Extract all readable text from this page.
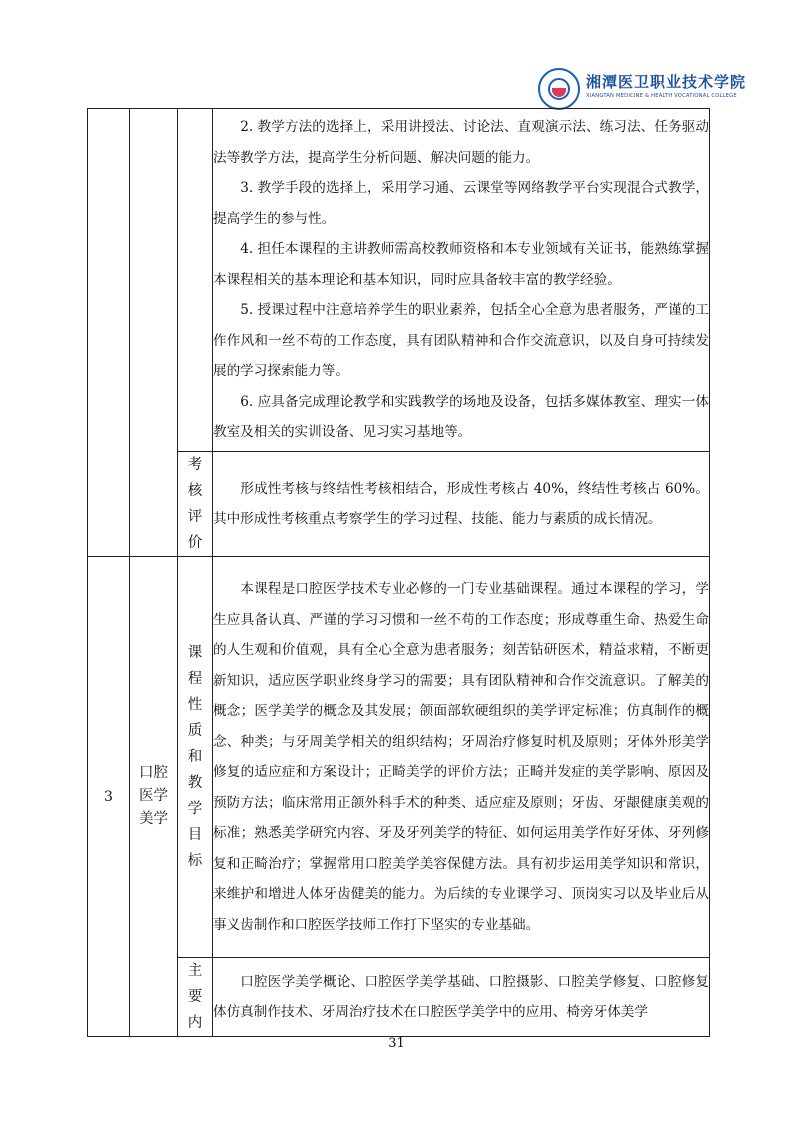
湘潭医卫职业技术学院
XIANGTAN MEDICINE & HEALTH VOCATIONAL COLLEGE

			2. 教学方法的选择上，采用讲授法、讨论法、直观演示法、练习法、任务驱动法等教学方法，提高学生分析问题、解决问题的能力。

3. 教学手段的选择上，采用学习通、云课堂等网络教学平台实现混合式教学，提高学生的参与性。

4. 担任本课程的主讲教师需高校教师资格和本专业领域有关证书，能熟练掌握本课程相关的基本理论和基本知识，同时应具备较丰富的教学经验。

5. 授课过程中注意培养学生的职业素养，包括全心全意为患者服务，严谨的工作作风和一丝不苟的工作态度，具有团队精神和合作交流意识，以及自身可持续发展的学习探索能力等。

6. 应具备完成理论教学和实践教学的场地及设备，包括多媒体教室、理实一体教室及相关的实训设备、见习实习基地等。

		考核评价	形成性考核与终结性考核相结合，形成性考核占 40%，终结性考核占 60%。其中形成性考核重点考察学生的学习过程、技能、能力与素质的成长情况。

3	口腔医学美学	课程性质和教学目标	本课程是口腔医学技术专业必修的一门专业基础课程。通过本课程的学习，学生应具备认真、严谨的学习习惯和一丝不苟的工作态度；形成尊重生命、热爱生命的人生观和价值观，具有全心全意为患者服务；刻苦钻研医术，精益求精，不断更新知识，适应医学职业终身学习的需要；具有团队精神和合作交流意识。了解美的概念；医学美学的概念及其发展；颌面部软硬组织的美学评定标准；仿真制作的概念、种类；与牙周美学相关的组织结构；牙周治疗修复时机及原则；牙体外形美学修复的适应症和方案设计；正畸美学的评价方法；正畸并发症的美学影响、原因及预防方法；临床常用正颌外科手术的种类、适应症及原则；牙齿、牙龈健康美观的标准；熟悉美学研究内容、牙及牙列美学的特征、如何运用美学作好牙体、牙列修复和正畸治疗；掌握常用口腔美学美容保健方法。具有初步运用美学知识和常识，来维护和增进人体牙齿健美的能力。为后续的专业课学习、顶岗实习以及毕业后从事义齿制作和口腔医学技师工作打下坚实的专业基础。

		主要内	口腔医学美学概论、口腔医学美学基础、口腔摄影、口腔美学修复、口腔修复体仿真制作技术、牙周治疗技术在口腔医学美学中的应用、椅旁牙体美学

31
